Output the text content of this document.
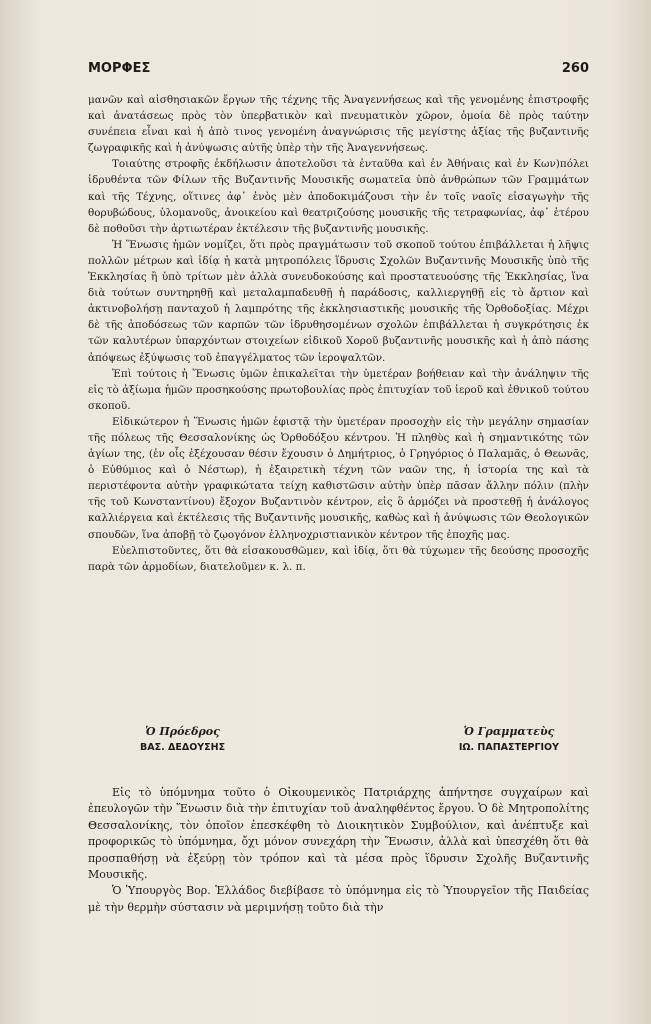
ΜΟΡΦΕΣ	260

μανῶν καὶ αἰσθησιακῶν ἔργων τῆς τέχνης τῆς Ἀναγεννήσεως καὶ τῆς γενομένης ἐπιστροφῆς καὶ ἀνατάσεως πρὸς τὸν ὑπερβατικὸν καὶ πνευματικὸν χῶρον, ὁμοία δὲ πρὸς ταύτην συνέπεια εἶναι καὶ ἡ ἀπὸ τινος γενομένη ἀναγνώρισις τῆς μεγίστης ἀξίας τῆς βυζαντινῆς ζωγραφικῆς καὶ ἡ ἀνύψωσις αὐτῆς ὑπὲρ τὴν τῆς Ἀναγεννήσεως.

Τοιαύτης στροφῆς ἐκδήλωσιν ἀποτελοῦσι τὰ ἐνταῦθα καὶ ἐν Ἀθήναις καὶ ἐν Κων)πόλει ἱδρυθέντα τῶν Φίλων τῆς Βυζαντινῆς Μουσικῆς σωματεῖα ὑπὸ ἀνθρώπων τῶν Γραμμάτων καὶ τῆς Τέχνης, οἵτινες ἀφ᾽ ἑνὸς μὲν ἀποδοκιμάζουσι τὴν ἐν τοῖς ναοῖς εἰσαγωγὴν τῆς θορυβώδους, ὑλομανοῦς, ἀνοικείου καὶ θεατριζούσης μουσικῆς τῆς τετραφωνίας, ἀφ᾽ ἑτέρου δὲ ποθοῦσι τὴν ἀρτιωτέραν ἐκτέλεσιν τῆς βυζαντινῆς μουσικῆς.

Ἡ Ἕνωσις ἡμῶν νομίζει, ὅτι πρὸς πραγμάτωσιν τοῦ σκοποῦ τούτου ἐπιβάλλεται ἡ λῆψις πολλῶν μέτρων καὶ ἰδίᾳ ἡ κατὰ μητροπόλεις ἵδρυσις Σχολῶν Βυζαντινῆς Μουσικῆς ὑπὸ τῆς Ἐκκλησίας ἢ ὑπὸ τρίτων μὲν ἀλλὰ συνευδοκούσης καὶ προστατευούσης τῆς Ἐκκλησίας, ἵνα διὰ τούτων συντηρηθῇ καὶ μεταλαμπαδευθῇ ἡ παράδοσις, καλλιεργηθῇ εἰς τὸ ἄρτιον καὶ ἀκτινοβολήσῃ πανταχοῦ ἡ λαμπρότης τῆς ἐκκλησιαστικῆς μουσικῆς τῆς Ὀρθοδοξίας. Μέχρι δὲ τῆς ἀποδόσεως τῶν καρπῶν τῶν ἱδρυθησομένων σχολῶν ἐπιβάλλεται ἡ συγκρότησις ἐκ τῶν καλυτέρων ὑπαρχόντων στοιχείων εἰδικοῦ Χοροῦ βυζαντινῆς μουσικῆς καὶ ἡ ἀπὸ πάσης ἀπόψεως ἐξύψωσις τοῦ ἐπαγγέλματος τῶν ἱεροψαλτῶν.

Ἐπὶ τούτοις ἡ Ἕνωσις ὑμῶν ἐπικαλεῖται τὴν ὑμετέραν βοήθειαν καὶ τὴν ἀνάληψιν τῆς εἰς τὸ ἀξίωμα ἡμῶν προσηκούσης πρωτοβουλίας πρὸς ἐπιτυχίαν τοῦ ἱεροῦ καὶ ἐθνικοῦ τούτου σκοποῦ.

Εἰδικώτερον ἡ Ἕνωσις ἡμῶν ἐφιστᾷ τὴν ὑμετέραν προσοχὴν εἰς τὴν μεγάλην σημασίαν τῆς πόλεως τῆς Θεσσαλονίκης ὡς Ὀρθοδόξου κέντρου. Ἡ πληθὺς καὶ ἡ σημαντικότης τῶν ἁγίων της, (ἐν οἷς ἐξέχουσαν θέσιν ἔχουσιν ὁ Δημήτριος, ὁ Γρηγόριος ὁ Παλαμᾶς, ὁ Θεωνᾶς, ὁ Εὐθύμιος καὶ ὁ Νέστωρ), ἡ ἐξαιρετικὴ τέχνη τῶν ναῶν της, ἡ ἱστορία της καὶ τὰ περιστέφοντα αὐτὴν γραφικώτατα τείχη καθιστῶσιν αὐτὴν ὑπὲρ πᾶσαν ἄλλην πόλιν (πλὴν τῆς τοῦ Κωνσταντίνου) ἔξοχον Βυζαντινὸν κέντρον, εἰς ὃ ἁρμόζει νὰ προστεθῇ ἡ ἀνάλογος καλλιέργεια καὶ ἐκτέλεσις τῆς Βυζαντινῆς μουσικῆς, καθὼς καὶ ἡ ἀνύψωσις τῶν Θεολογικῶν σπουδῶν, ἵνα ἀποβῇ τὸ ζῳογόνον ἑλληνοχριστιανικὸν κέντρον τῆς ἐποχῆς μας.

Εὐελπιστοῦντες, ὅτι θὰ εἰσακουσθῶμεν, καὶ ἰδίᾳ, ὅτι θὰ τύχωμεν τῆς δεούσης προσοχῆς παρὰ τῶν ἁρμοδίων, διατελοῦμεν κ. λ. π.

Ὁ Πρόεδρος
ΒΑΣ. ΔΕΔΟΥΣΗΣ
Ὁ Γραμματεὺς
ΙΩ. ΠΑΠΑΣΤΕΡΓΙΟΥ

Εἰς τὸ ὑπόμνημα τοῦτο ὁ Οἰκουμενικὸς Πατριάρχης ἀπήντησε συγχαίρων καὶ ἐπευλογῶν τὴν Ἕνωσιν διὰ τὴν ἐπιτυχίαν τοῦ ἀναληφθέντος ἔργου. Ὁ δὲ Μητροπολίτης Θεσσαλονίκης, τὸν ὁποῖον ἐπεσκέφθη τὸ Διοικητικὸν Συμβούλιον, καὶ ἀνέπτυξε καὶ προφορικῶς τὸ ὑπόμνημα, ὄχι μόνον συνεχάρη τὴν Ἕνωσιν, ἀλλὰ καὶ ὑπεσχέθη ὅτι θὰ προσπαθήσῃ νὰ ἐξεύρῃ τὸν τρόπον καὶ τὰ μέσα πρὸς ἵδρυσιν Σχολῆς Βυζαντινῆς Μουσικῆς.

Ὁ Ὑπουργὸς Βορ. Ἑλλάδος διεβίβασε τὸ ὑπόμνημα εἰς τὸ Ὑπουργεῖον τῆς Παιδείας μὲ τὴν θερμὴν σύστασιν νὰ μεριμνήσῃ τοῦτο διὰ τὴν
